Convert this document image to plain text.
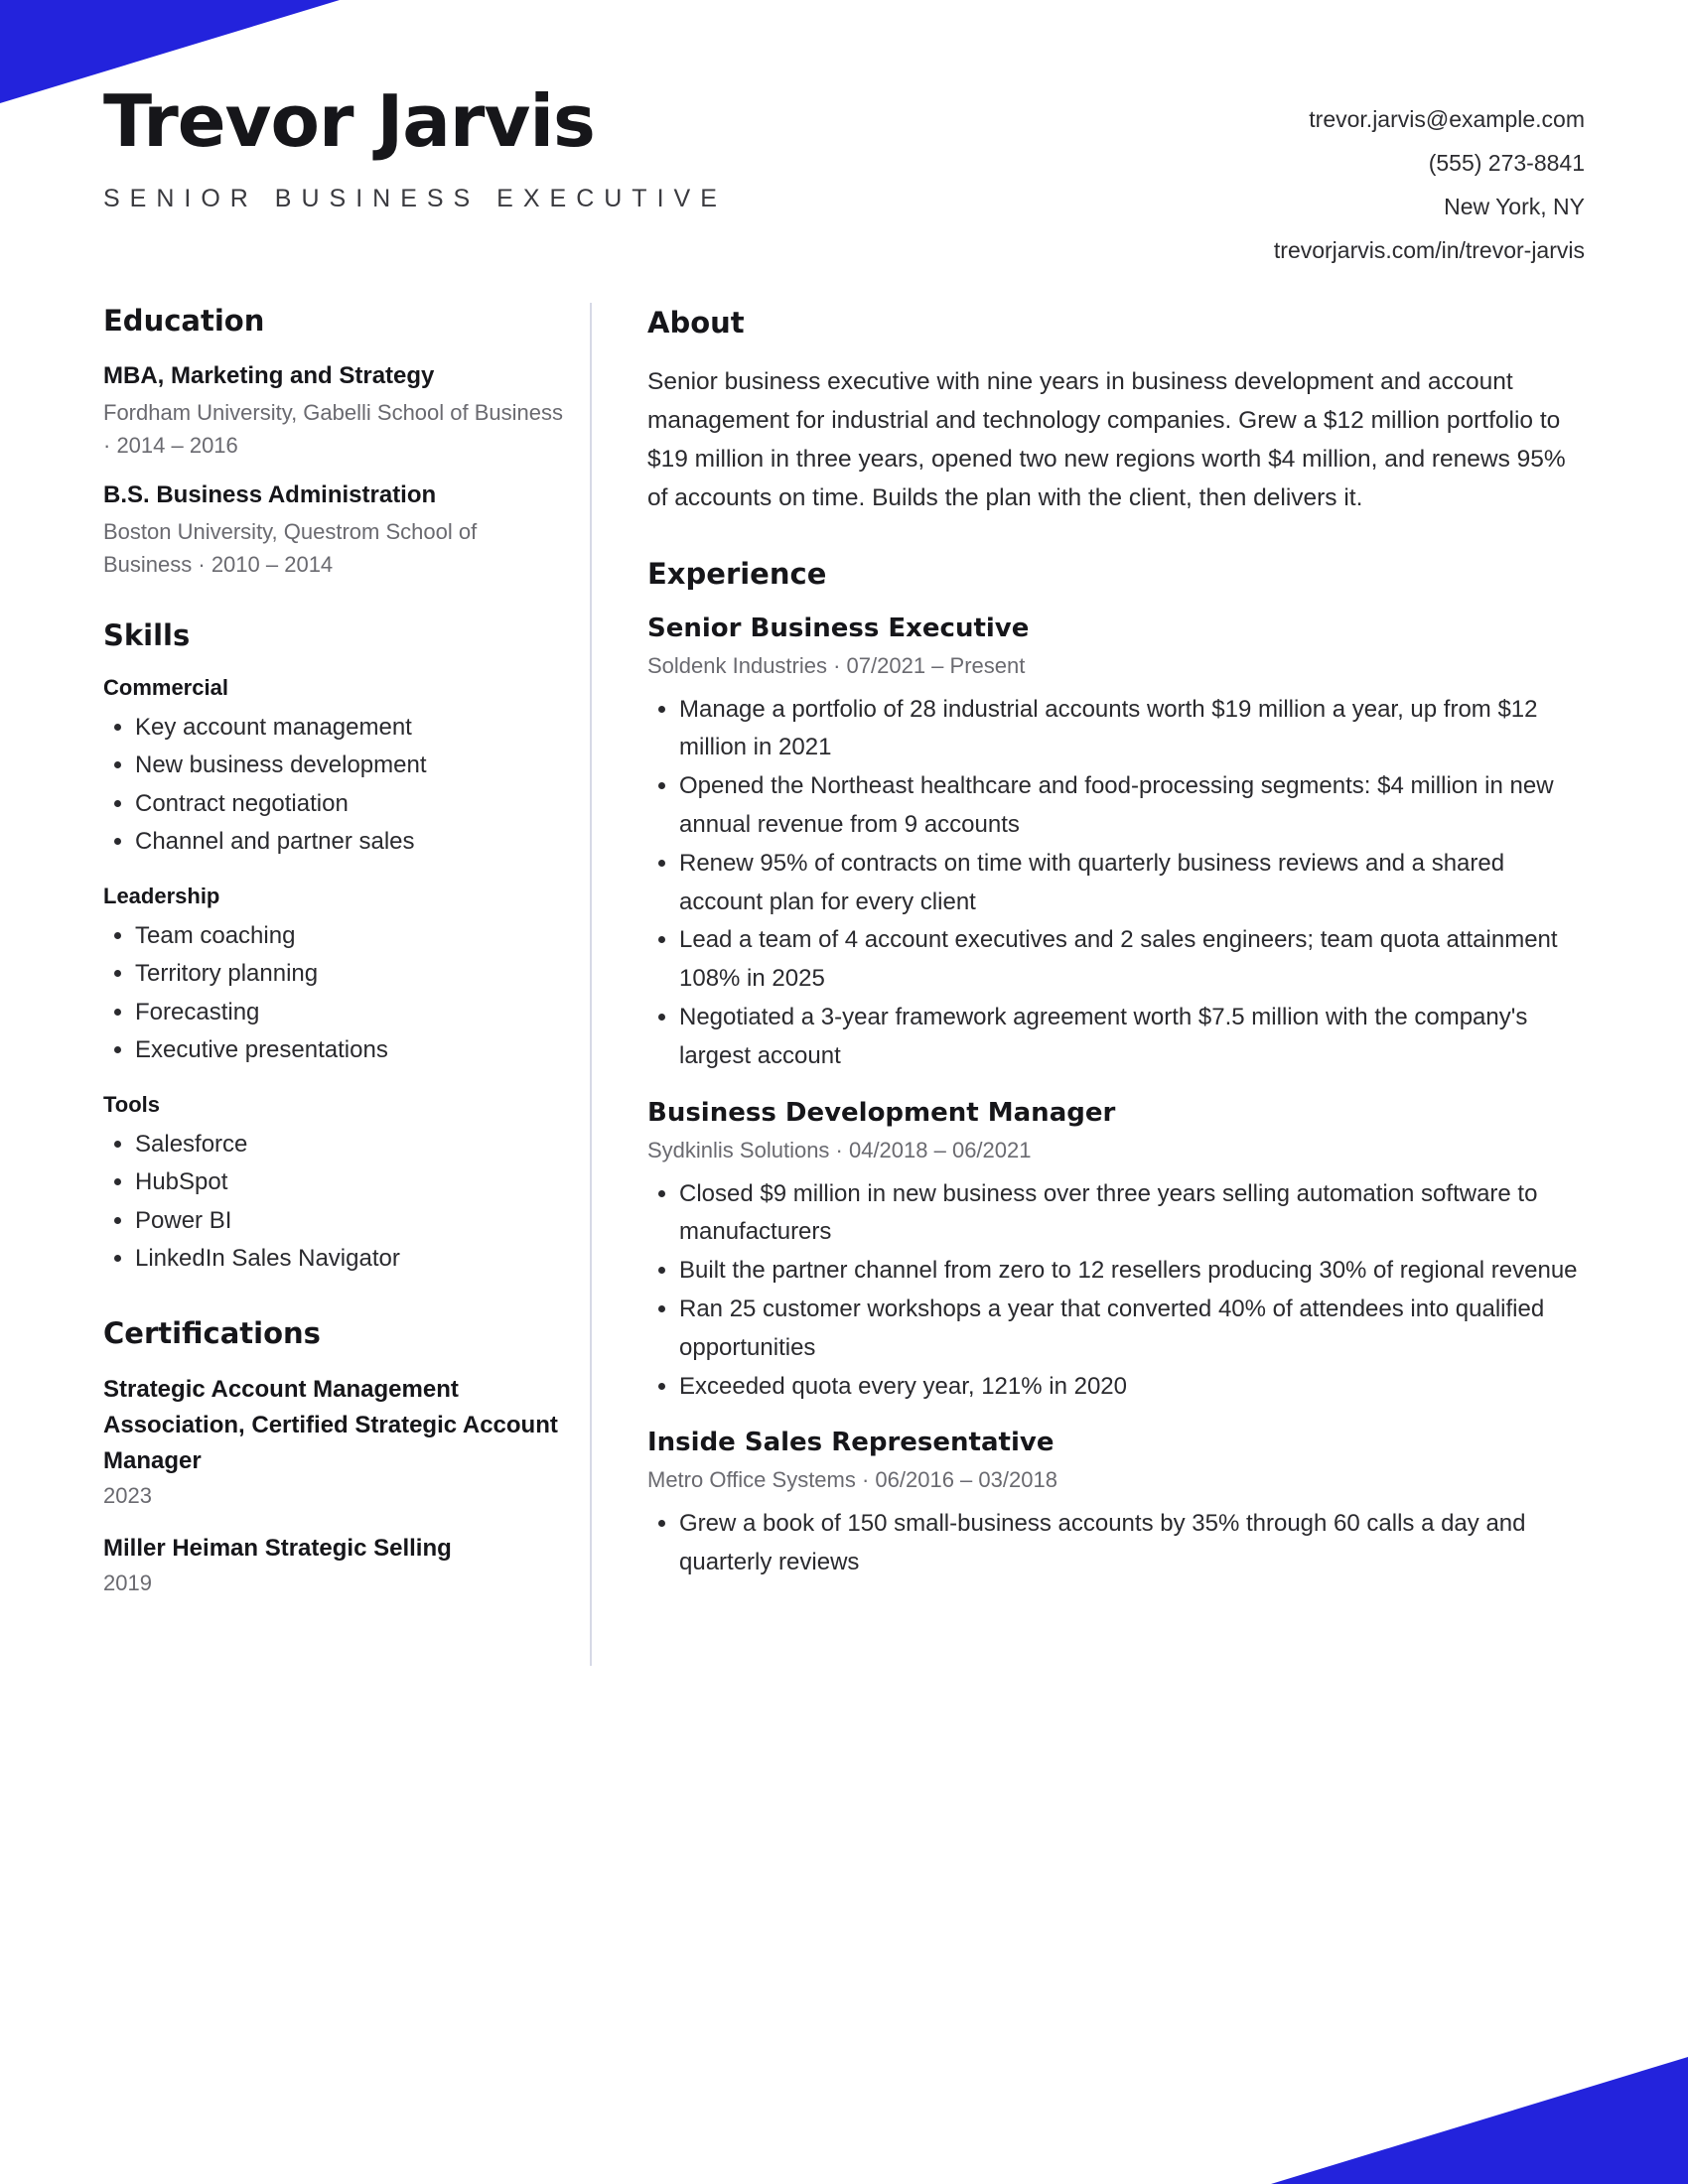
Trevor Jarvis
SENIOR BUSINESS EXECUTIVE
trevor.jarvis@example.com
(555) 273-8841
New York, NY
trevorjarvis.com/in/trevor-jarvis
Education
MBA, Marketing and Strategy
Fordham University, Gabelli School of Business · 2014 – 2016
B.S. Business Administration
Boston University, Questrom School of Business · 2010 – 2014
Skills
Commercial
• Key account management
• New business development
• Contract negotiation
• Channel and partner sales
Leadership
• Team coaching
• Territory planning
• Forecasting
• Executive presentations
Tools
• Salesforce
• HubSpot
• Power BI
• LinkedIn Sales Navigator
Certifications
Strategic Account Management Association, Certified Strategic Account Manager
2023
Miller Heiman Strategic Selling
2019
About
Senior business executive with nine years in business development and account management for industrial and technology companies. Grew a $12 million portfolio to $19 million in three years, opened two new regions worth $4 million, and renews 95% of accounts on time. Builds the plan with the client, then delivers it.
Experience
Senior Business Executive
Soldenk Industries · 07/2021 – Present
• Manage a portfolio of 28 industrial accounts worth $19 million a year, up from $12 million in 2021
• Opened the Northeast healthcare and food-processing segments: $4 million in new annual revenue from 9 accounts
• Renew 95% of contracts on time with quarterly business reviews and a shared account plan for every client
• Lead a team of 4 account executives and 2 sales engineers; team quota attainment 108% in 2025
• Negotiated a 3-year framework agreement worth $7.5 million with the company's largest account
Business Development Manager
Sydkinlis Solutions · 04/2018 – 06/2021
• Closed $9 million in new business over three years selling automation software to manufacturers
• Built the partner channel from zero to 12 resellers producing 30% of regional revenue
• Ran 25 customer workshops a year that converted 40% of attendees into qualified opportunities
• Exceeded quota every year, 121% in 2020
Inside Sales Representative
Metro Office Systems · 06/2016 – 03/2018
• Grew a book of 150 small-business accounts by 35% through 60 calls a day and quarterly reviews
